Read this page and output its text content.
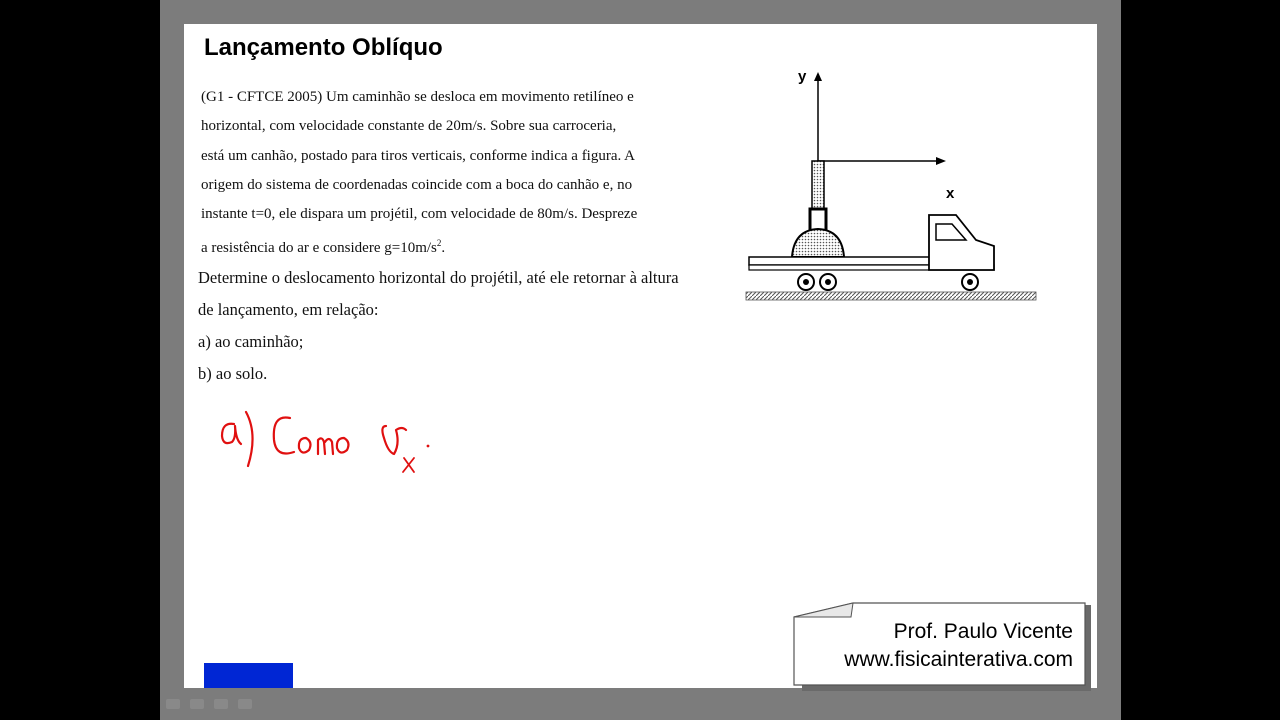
Lançamento Oblíquo
(G1 - CFTCE 2005) Um caminhão se desloca em movimento retilíneo e
horizontal, com velocidade constante de 20m/s. Sobre sua carroceria,
está um canhão, postado para tiros verticais, conforme indica a figura. A
origem do sistema de coordenadas coincide com a boca do canhão e, no
instante t=0, ele dispara um projétil, com velocidade de 80m/s. Despreze
a resistência do ar e considere $g=10m/s^2$.
Determine o deslocamento horizontal do projétil, até ele retornar à altura
de lançamento, em relação:
a) ao caminhão;
b) ao solo.
y
x
Prof. Paulo Vicente
www.fisicainterativa.com
